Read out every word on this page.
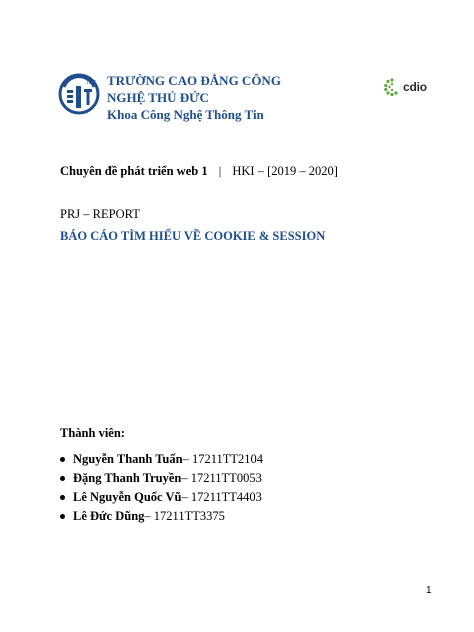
TDC TRƯỜNG CAO ĐẲNG CÔNG
NGHỆ THỦ ĐỨC
Khoa Công Nghệ Thông Tin
cdio
Chuyên đề phát triển web 1 | HKI – [2019 – 2020]
PRJ – REPORT
BÁO CÁO TÌM HIỂU VỀ COOKIE & SESSION
Thành viên:
Nguyễn Thanh Tuấn – 17211TT2104
Đặng Thanh Truyền – 17211TT0053
Lê Nguyễn Quốc Vũ – 17211TT4403
Lê Đức Dũng – 17211TT3375
1
